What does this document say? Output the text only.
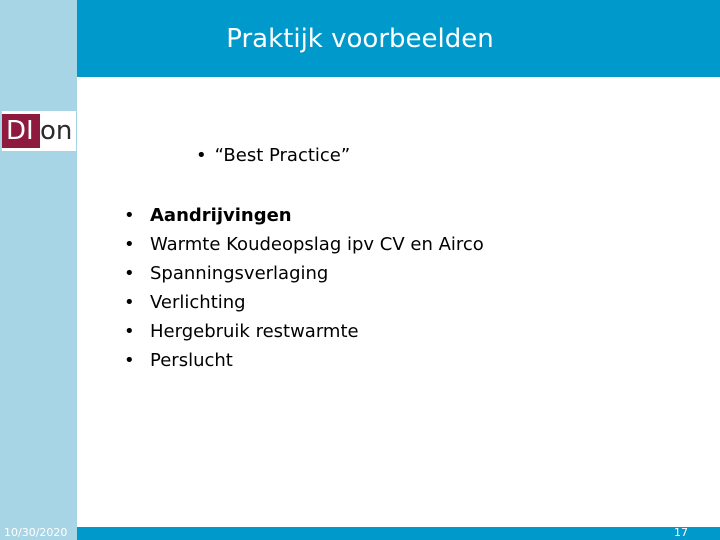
Praktijk voorbeelden
DI on
• “Best Practice”
• Aandrijvingen
• Warmte Koudeopslag ipv CV en Airco
• Spanningsverlaging
• Verlichting
• Hergebruik restwarmte
• Perslucht
10/30/2020	17
